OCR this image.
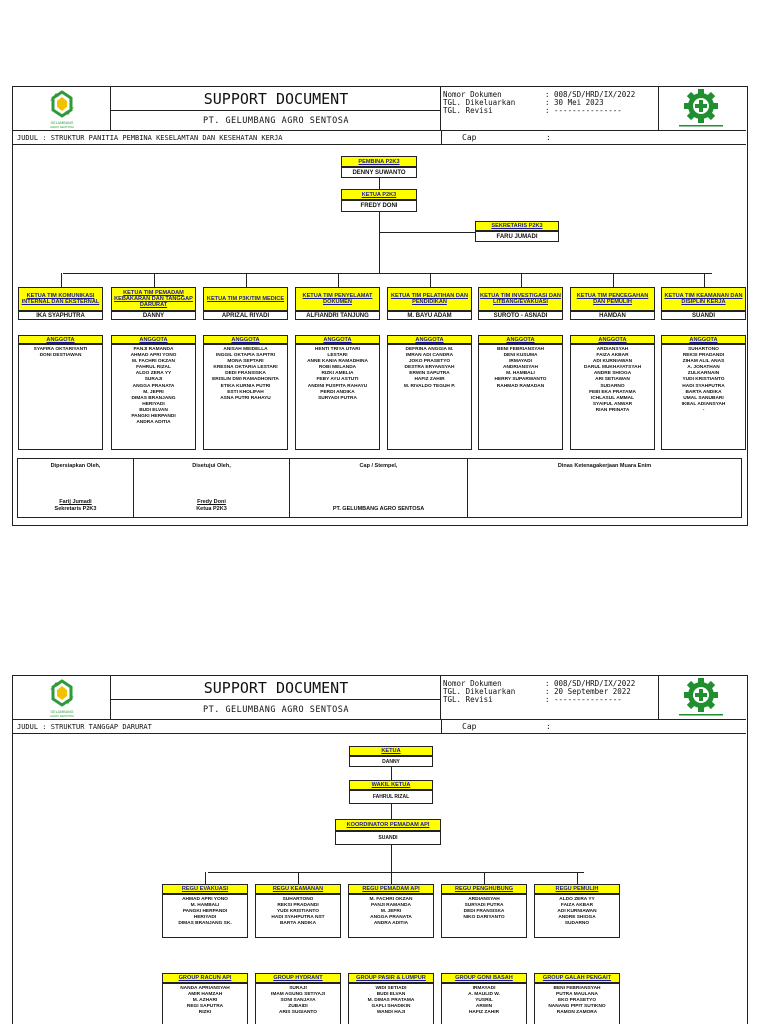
GELUMBANG
AGRO SENTOSA
SUPPORT DOCUMENT
PT. GELUMBANG AGRO SENTOSA
Nomor Dokumen	: 008/SD/HRD/IX/2022
TGL. Dikeluarkan	: 30 Mei 2023
TGL. Revisi	: ---------------
JUDUL : STRUKTUR PANITIA PEMBINA KESELAMTAN DAN KESEHATAN KERJA	Cap	:
PEMBINA P2K3
DENNY SUWANTO
KETUA P2K3
FREDY DONI
SEKRETARIS P2K3
FARU JUMADI
KETUA TIM KOMUNIKASI INTERNAL DAN EKSTERNAL
IKA SYAPHUTRA
ANGGOTA
SYAFIRA OKTARIYANTI
DONI DESTIAWAN
KETUA TIM PEMADAM KEBAKARAN DAN TANGGAP DARURAT
DANNY
ANGGOTA
PANJI RAMANDA
AHMAD APRI YONO
M. FACHRI OKZAN
FAHRUL RIZAL
ALDO ZERA YY
SURAJI
ANGGA PRANATA
M. JEPRI
DIMAS BRANJANG
HERIYADI
BUDI ELVAN
PANGKI HERPANDI
ANDRA ADITIA
KETUA TIM P3K/TIM MEDICE
APRIZAL RIYADI
ANGGOTA
ANISAH MEIDELLA
INGGIL OKTAPIA SAPITRI
MONA SEPTARI
KRESNA OKTARIA LESTARI
DEDI FRANSISKA
ERISLIN DWI RAMADHONITA
ETIKA KURNIA PUTRI
ESTI KHOLIFAH
ASNA PUTRI RAHAYU
KETUA TIM PENYELAMAT DOKUMEN
ALFIANDRI TANJUNG
ANGGOTA
HENTI TRIYA UTARI
LESTARI
ANNE KANIA RAMADHINA
ROBI MELANDA
RIZKI AMELIA
FEBY AYU ASTUTI
ANDINI PUSPITA RAHAYU
PERDI ANDIKA
SURYADI PUTRA
KETUA TIM PELATIHAN DAN PENDIDIKAN
M. BAYU ADAM
ANGGOTA
DEFRINA ANGGIA M.
IMRAN ADI CANDRA
JOKO PRASETYO
DESTRA ERYANSYAH
ERWIN SAPUTRA
HAFIZ ZAHIR
M. RIVALDO TEGUH P.
KETUA TIM INVESTIGASI DAN LITBANG/EVAKUASI
SUROTO - ASNADI
ANGGOTA
BENI FEBRIANSYAH
DENI KUSUMA
IRMAYADI
ANDRIANSYAH
M. HAMBALI
HERRY SUPARWANTO
RAHMAD RAMADAN
KETUA TIM PENCEGAHAN DAN PEMULIH
HAMDAN
ANGGOTA
ARDIANSYAH
FAIZA AKBAR
ADI KURNIAWAN
DARUL MUKHAYATSYAH
ANDRE SHIOGA
ARI SETIAWAN
SUDARNO
FEBI EKA PRATAMA
ICHLASUL AMMAL
SYAIFUL ANWAR
RIAN PRINATA
KETUA TIM KEAMANAN DAN DISIPLIN KERJA
SUANDI
ANGGOTA
SUHARTONO
REKSI PRADANDI
ZIHAM ALIL ANAS
A. JONATHAN
ZULKARNAIN
YUDI KRISTIANTO
HADI SYAHPUTRA
BARTA ANDIKA
UMAL SANUBARI
IKBAL ADIANSYAH
-
Dipersiapkan Oleh,
Farij Jumadi
Sekretaris P2K3
Disetujui Oleh,
Fredy Doni
Ketua P2K3
Cap / Stempel,
PT. GELUMBANG AGRO SENTOSA
Dinas Ketenagakerjaan Muara Enim
GELUMBANG
AGRO SENTOSA
SUPPORT DOCUMENT
PT. GELUMBANG AGRO SENTOSA
Nomor Dokumen	: 008/SD/HRD/IX/2022
TGL. Dikeluarkan	: 20 September 2022
TGL. Revisi	: ---------------
JUDUL : STRUKTUR TANGGAP DARURAT	Cap	:
KETUA
DANNY
WAKIL KETUA
FAHRUL RIZAL
KOORDINATOR PEMADAM API
SUANDI
REGU EVAKUASI
AHMAD APRI YONO
M. HAMBALI
PANGKI HERPANDI
HERIYADI
DIMAS BRANJANG SK.
REGU KEAMANAN
SUHARTONO
REKSI PRADANDI
YUDI KRISTIANTO
HADI SYAHPUTRA NST
BARTA ANDIKA
REGU PEMADAM API
M. FACHRI OKZAN
PANJI RAMANDA
M. JEFRI
ANGGA PRANATA
ANDRA ADITIA
REGU PENGHUBUNG
ARDIANSYAH
SURYADI PUTRA
DEDI FRANSISKA
NIKO DARIYANTO
REGU PEMULIH
ALDO ZERA YY
FAIZA AKBAR
ADI KURNIAWAN
ANDRE SHIOGA
SUDARNO
GROUP RACUN API
NANDA APRIANSYAH
AMIR HAMZAH
M. AZHARI
REGI SAPUTRA
RIZKI
GROUP HYDRANT
SURAJI
IMAM AGUNG SETIYAJI
SONI SANJAYA
ZUBAIDI
ARIS SUGIANTO
GROUP PASIR & LUMPUR
WIDI SETIADI
BUDI ELVAN
M. DIMAS PRATAMA
GAFLI SHADIKIN
WANDI HAJI
GROUP GONI BASAH
IRMAYADI
A. MAULID W.
YUSRIL
ARWIN
HAFIZ ZAHIR
GROUP GALAH PENGAIT
BENI FEBRIANSYAH
PUTRA MAULANA
EKO PRASETYO
NANANG PIPIT SUTIKNO
RAMON ZAMORA
